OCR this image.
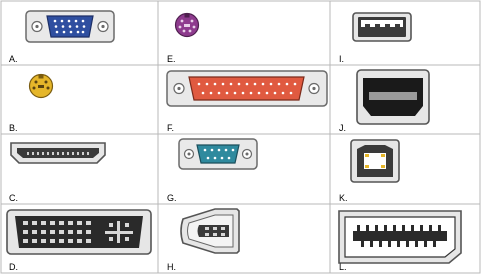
A.	E.	I.
B.	F.	J.
C.	G.	K.
D.	H.	L.
